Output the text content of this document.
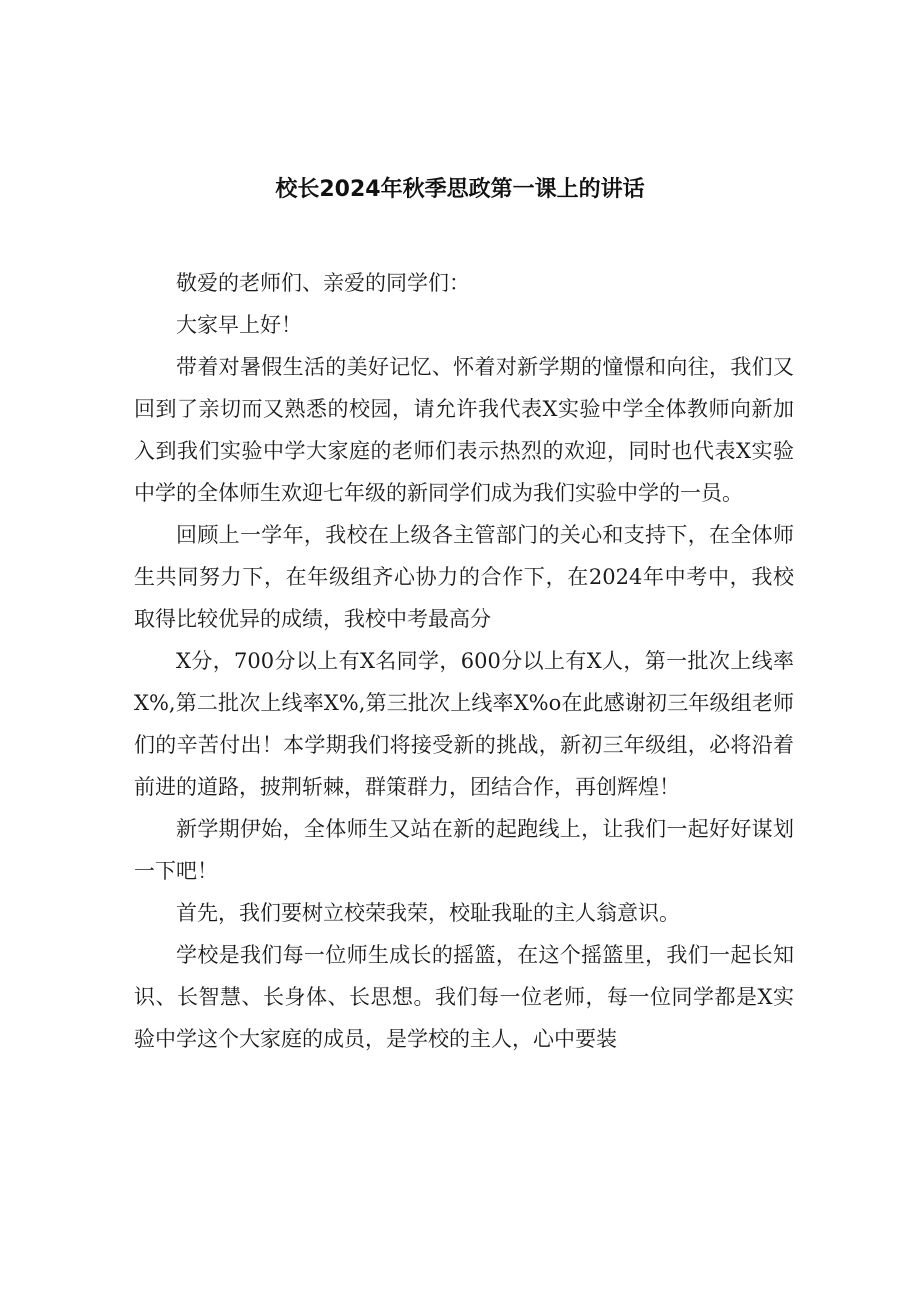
校长2024年秋季思政第一课上的讲话

敬爱的老师们、亲爱的同学们：

大家早上好！

带着对暑假生活的美好记忆、怀着对新学期的憧憬和向往，我们又回到了亲切而又熟悉的校园，请允许我代表X实验中学全体教师向新加入到我们实验中学大家庭的老师们表示热烈的欢迎，同时也代表X实验中学的全体师生欢迎七年级的新同学们成为我们实验中学的一员。

回顾上一学年，我校在上级各主管部门的关心和支持下，在全体师生共同努力下，在年级组齐心协力的合作下，在2024年中考中，我校取得比较优异的成绩，我校中考最高分

X分，700分以上有X名同学，600分以上有X人，第一批次上线率X%,第二批次上线率X%,第三批次上线率X%o在此感谢初三年级组老师们的辛苦付出！本学期我们将接受新的挑战，新初三年级组，必将沿着前进的道路，披荆斩棘，群策群力，团结合作，再创辉煌！

新学期伊始，全体师生又站在新的起跑线上，让我们一起好好谋划一下吧！

首先，我们要树立校荣我荣，校耻我耻的主人翁意识。

学校是我们每一位师生成长的摇篮，在这个摇篮里，我们一起长知识、长智慧、长身体、长思想。我们每一位老师，每一位同学都是X实验中学这个大家庭的成员，是学校的主人，心中要装
